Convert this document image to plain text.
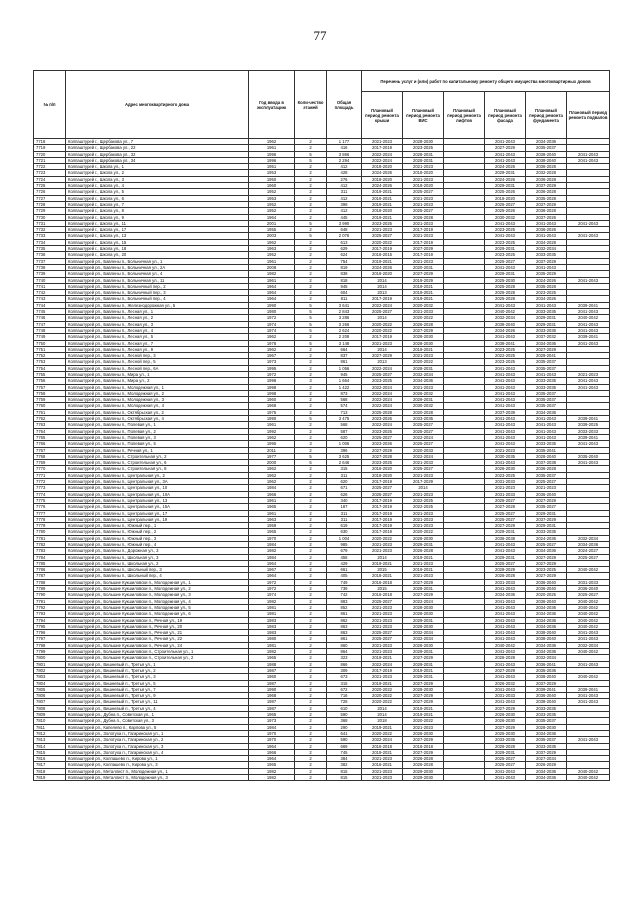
77
№ п/п	Адрес многоквартирного дома	Год ввода в эксплуатацию	Коли-чество этажей	Общая площадь	Перечень услуг и (или) работ по капитальному ремонту общего имущества многоквартирных домов					
					Плановый период ремонта крыши	Плановый период ремонта ВИС	Плановый период ремонта лифтов	Плановый период ремонта фасада	Плановый период ремонта фундамента	Плановый период ремонта подвалов
7718	Колпаштурей г., Щербакова ул., 7	1962	2	1 177	2021-2023	2028-2030		2041-2043	2034-2036	
7719	Колпаштурей г., Щербакова ул., 22	1961	2	416	2017-2019	2023-2025		2027-2029	2035-2037	
7720	Колпаштурей г., Щербакова ул., 32	1996	5	3 866	2022-2024	2028-2031		2041-2043	2038-2040	2041-2043
7721	Колпаштурей г., Щербакова ул., 34	1996	5	2 294	2022-2024	2028-2031		2041-2043	2038-2040	2041-2043
7722	Колпаштурей г., Школа ул., 1	1951	2	412	2018-2020	2021-2023		2024-2026	2036-2028	
7723	Колпаштурей г., Школа ул., 2	1953	2	428	2024-2026	2018-2020		2029-2031	2032-2028	
7724	Колпаштурей г., Школа ул., 3	1950	2	276	2018-2020	2021-2023		2024-2026	2036-2028	
7725	Колпаштурей г., Школа ул., 4	1960	2	412	2024-2026	2018-2020		2029-2031	2037-2029	
7726	Колпаштурей г., Школа ул., 5	1952	2	311	2019-2021	2025-2027		2025-2026	2036-2028	
7727	Колпаштурей г., Школа ул., 6	1953	2	412	2019-2021	2021-2023		2018-2020	2035-2028	
7728	Колпаштурей г., Школа ул., 7	1952	2	398	2019-2021	2021-2023		2025-2027	2037-2029	
7729	Колпаштурей г., Школа ул., 8	1952	2	412	2018-2020	2025-2027		2025-2026	2036-2028	
7730	Колпаштурей г., Школа ул., 9	1964	2	445	2019-2021	2026-2028		2030-2032	2037-2026	
7731	Колпаштурей г., Школа ул., 11	2001	5	3 990	2023-2025	2021-2023		2041-2043	2041-2043	2041-2043
7732	Колпаштурей г., Школа ул., 17	1955	2	648	2021-2023	2017-2019		2023-2025	2036-2026	
7733	Колпаштурей г., Школа ул., 13	2003	5	2 076	2025-2027	2021-2023		2041-2043	2041-2043	2041-2043
7734	Колпаштурей г., Школа ул., 15	1962	2	613	2020-2022	2017-2019		2023-2025	2034-2028	
7735	Колпаштурей г., Школа ул., 18	1963	2	629	2017-2019	2027-2029		2029-2031	2032-2034	
7736	Колпаштурей г., Школа ул., 20	1952	2	624	2018-2015	2017-2019		2023-2025	2033-2035	
7737	Колпаштурей рп., Бавлены п., Больничная ул., 1	1961	2	754	2019-2021	2021-2023		2025-2027	2037-2029	
7738	Колпаштурей рп., Бавлены п., Больничная ул., 2А	2008	2	819	2024-2026	2020-2031		2041-2043	2041-2043	
7739	Колпаштурей рп., Бавлены п., Больничная ул., 4	1982	2	838	2018-2020	2027-2029		2029-2031	2035-2029	
7740	Колпаштурей рп., Бавлены п., Больничная ул., 11	1961	2	818	2014	2019-2029		2025-2030	2024-2026	2041-2043
7741	Колпаштурей рп., Бавлены п., Больничный пер., 2	1964	2	945	2014	2019-2021		2025-2028	2035-2028	
7742	Колпаштурей рп., Бавлены п., Больничный пер., 3	1964	2	604	2013	2019-2021		2025-2028	2023-2025	
7743	Колпаштурей рп., Бавлены п., Больничный пер., 4	1964	2	811	2017-2019	2019-2021		2025-2028	2034-2026	
7744	Колпаштурей рп., Бавлены п., Железнодорожная ул., 5	1990	5	3 641	2022-2024	2020-2032		2041-2043	2041-2043	2039-2041
7745	Колпаштурей рп., Бавлены п., Лесная ул., 1	1980	5	2 843	2025-2027	2021-2033		2040-2042	2033-2035	2041-2043
7746	Колпаштурей рп., Бавлены п., Лесная ул., 2	1972	5	3 286	2014	2020-2022		2032-2034	2029-2031	2040-2042
7747	Колпаштурей рп., Бавлены п., Лесная ул., 3	1974	5	3 266	2020-2022	2026-2028		2038-2040	2029-2031	2041-2043
7748	Колпаштурей рп., Бавлены п., Лесная ул., 4	1974	5	2 624	2020-2022	2027-2029		2034-2026	2033-2035	2041-2043
7749	Колпаштурей рп., Бавлены п., Лесная ул., 5	1962	2	2 208	2017-2019	2028-2030		2041-2043	2037-2032	2039-2041
7750	Колпаштурей рп., Бавлены п., Лесная ул., 7	1978	5	3 148	2021-2023	2028-2030		2038-2041	2034-2036	2041-2043
7751	Колпаштурей рп., Бавлены п., Лесная ул., 9	1962	2	664	2014	2019-2021		2023-2025	2027-2029	
7752	Колпаштурей рп., Бавлены п., Лесной пер., 3	1967	2	837	2027-2029	2021-2023		2022-2025	2029-2041	
7753	Колпаштурей рп., Бавлены п., Лесной пер., 5	1973	2	861	2013	2020-2022		2023-2025	2035-2037	
7754	Колпаштурей рп., Бавлены п., Лесной пер., 6А	1995	2	1 056	2022-2024	2028-2031		2041-2043	2035-2037	
7755	Колпаштурей рп., Бавлены п., Мира ул., 1	1972	2	945	2025-2027	2032-2034		2041-2043	2041-2043	2021-2023
7756	Колпаштурей рп., Бавлены п., Мира ул., 2	1998	3	1 664	2023-2025	2034-2036		2041-2043	2033-2035	2041-2043
7757	Колпаштурей рп., Бавлены п., Молодежная ул., 1	1998	2	1 422	2022-2024	2021-2023		2041-2043	2033-2035	2041-2043
7758	Колпаштурей рп., Бавлены п., Молодежная ул., 2	1998	2	873	2022-2024	2026-2032		2041-2043	2035-2037	
7759	Колпаштурей рп., Бавлены п., Молодежная ул., 3	1960	2	568	2022-2024	2029-2031		2041-2043	2035-2037	
7760	Колпаштурей рп., Бавлены п., Молодежная ул., 4	1968	2	574	2022-2024	2030-2032		2041-2043	2035-2037	
7761	Колпаштурей рп., Бавлены п., Октябрьская ул., 2	1975	2	713	2025-2028	2020-2028		2037-2039	2034-2036	
7762	Колпаштурей рп., Бавлены п., Октябрьская ул., 4	1990	5	3 475	2023-2026	2033-2035		2041-2043	2041-2043	2039-2041
7763	Колпаштурей рп., Бавлены п., Полевая ул., 1	1961	2	568	2022-2024	2025-2027		2041-2043	2041-2043	2039-2025
7764	Колпаштурей рп., Бавлены п., Полевая ул., 2	1992	2	587	2023-2025	2025-2027		2041-2043	2041-2043	2033-2033
7765	Колпаштурей рп., Бавлены п., Полевая ул., 3	1962	2	620	2025-2027	2022-2024		2041-2043	2041-2043	2039-2041
7766	Колпаштурей рп., Бавлены п., Полевая ул., 5	1995	3	1 006	2023-2026	2025-2027		2041-2043	2033-2035	2041-2043
7767	Колпаштурей рп., Бавлены п., Речная ул., 1	2011	2	396	2027-2029	2020-2033		2021-2023	2035-2041	
7768	Колпаштурей рп., Бавлены п., Строительная ул., 2	1977	5	3 625	2027-2028	2022-2024		2030-2035	2028-2040	2035-2040
7769	Колпаштурей рп., Бавлены п., Строительная ул., 6	2000	5	2 646	2023-2025	2021-2033		2041-2043	2037-2038	2041-2043
7770	Колпаштурей рп., Бавлены п., Строительная ул., 8	1962	2	315	2018-2020	2025-2027		2026-2030	2036-2028	
7771	Колпаштурей рп., Бавлены п., Центральная ул., 2	1962	2	311	2018-2020	2021-2023		2023-2025	2035-2037	
7772	Колпаштурей рп., Бавлены п., Центральная ул., 3А	1962	2	620	2017-2019	2017-2029		2031-2033	2025-2027	
7773	Колпаштурей рп., Бавлены п., Центральная ул., 10	1984	2	671	2025-2027	2014		2021-2023	2021-2023	
7774	Колпаштурей рп., Бавлены п., Центральная ул., 10А	1966	2	626	2025-2027	2021-2023		2031-2033	2036-2040	
7775	Колпаштурей рп., Бавлены п., Центральная ул., 13	1961	2	340	2017-2019	2022-2025		2025-2027	2027-2029	
7776	Колпаштурей рп., Бавлены п., Центральная ул., 15А	1965	2	187	2017-2019	2022-2025		2027-2028	2035-2027	
7777	Колпаштурей рп., Бавлены п., Центральная ул., 17	1961	2	311	2017-2019	2021-2023		2025-2027	2029-2031	
7778	Колпаштурей рп., Бавлены п., Центральная ул., 19	1963	2	311	2017-2019	2021-2023		2025-2027	2037-2029	
7779	Колпаштурей рп., Бавлены п., Южный пер., 1	1959	2	619	2017-2019	2021-2023		2027-2029	2029-2031	
7780	Колпаштурей рп., Бавлены п., Южный пер., 2	1965	2	630	2017-2019	2020-2022		2029-2031	2033-2035	
7781	Колпаштурей рп., Бавлены п., Южный пер., 3	1970	2	1 004	2020-2022	2028-2030		2036-2038	2024-2036	2032-2034
7782	Колпаштурей рп., Бавлены п., Южный пер., 4	1984	2	985	2021-2023	2029-2031		2041-2043	2025-2027	2034-2036
7783	Колпаштурей рп., Бавлены п., Дорожная ул., 3	1982	2	679	2021-2023	2026-2028		2041-2043	2034-2036	2024-2027
7784	Колпаштурей рп., Бавлены п., Школьная ул., 3	1984	2	458	2014	2019-2021		2029-2031	2027-2029	2025-2027
7785	Колпаштурей рп., Бавлены п., Школьная ул., 2	1964	2	429	2019-2021	2021-2023		2025-2027	2027-2029	
7786	Колпаштурей рп., Бавлены п., Школьный пер., 3	1967	2	661	2015	2019-2021		2028-2029	2023-2025	2040-2042
7787	Колпаштурей рп., Бавлены п., Школьный пер., 4	1964	2	405	2018-2021	2021-2023		2026-2028	2027-2029	
7788	Колпаштурей рп., Большие Кукшиловски п., Молодежная ул., 1	1972	2	749	2016-2018	2027-2029		2031-2033	2036-2040	2031-2033
7789	Колпаштурей рп., Большие Кукшиловски п., Молодежная ул., 2	1972	2	739	2015	2028-2031		2041-2043	2036-2040	2036-2040
7790	Колпаштурей рп., Большие Кукшиловски п., Молодежная ул., 3	1974	2	742	2016-2018	2027-2029		2034-2036	2020-2025	2025-2027
7791	Колпаштурей рп., Большие Кукшиловски п., Молодежная ул., 4	1982	2	883	2025-2027	2022-2024		2041-2043	2036-2040	2040-2042
7792	Колпаштурей рп., Большие Кукшиловски п., Молодежная ул., 5	1981	2	852	2021-2023	2028-2030		2041-2043	2034-2036	2040-2042
7793	Колпаштурей рп., Большие Кукшиловски п., Молодежная ул., 6	1981	2	861	2021-2023	2028-2030		2041-2043	2034-2036	2040-2042
7794	Колпаштурей рп., Большие Кукшиловски п., Речная ул., 19	1983	2	862	2021-2023	2029-2031		2041-2043	2034-2036	2040-2042
7795	Колпаштурей рп., Большие Кукшиловски п., Речная ул., 20	1983	2	863	2021-2023	2028-2030		2041-2043	2034-2036	2040-2042
7796	Колпаштурей рп., Большие Кукшиловски п., Речная ул., 21	1983	2	863	2025-2027	2032-2034		2041-2043	2038-2040	2041-2043
7797	Колпаштурей рп., Большие Кукшиловски п., Речная ул., 22	1980	2	861	2025-2027	2032-2034		2041-2043	2038-2040	2041-2043
7798	Колпаштурей рп., Большие Кукшиловски п., Речная ул., 24	1981	2	860	2021-2023	2026-2030		2040-2042	2034-2036	2032-2034
7799	Колпаштурей рп., Большие Кукшиловски п., Строительная ул., 1	1982	2	864	2021-2023	2029-2031		2041-2043	2034-2036	2040-2042
7800	Колпаштурей рп., Большие Кукшиловски п., Строительная ул., 2	1965	2	323	2019-2021	2027-2029		2026-2028	2032-2034	
7801	Колпаштурей рп., Вишневый п., Третья ул., 1	1988	2	866	2022-2024	2029-2031		2041-2043	2036-2041	2041-2043
7802	Колпаштурей рп., Вишневый п., Третья ул., 2	1987	2	309	2017-2019	2019-2021		2027-2029	2035-2036	
7803	Колпаштурей рп., Вишневый п., Третья ул., 3	1960	2	673	2021-2023	2029-2031		2041-2043	2038-2040	2040-2042
7804	Колпаштурей рп., Вишневый п., Третья ул., 5	1987	2	315	2019-2021	2027-2029		2026-2032	2037-2029	
7805	Колпаштурей рп., Вишневый п., Третья ул., 7	1990	2	672	2020-2022	2028-2030		2041-2043	2039-2041	2039-2041
7806	Колпаштурей рп., Вишневый п., Третья ул., 9	1968	2	716	2020-2022	2027-2029		2031-2033	2036-2040	2041-2043
7807	Колпаштурей рп., Вишневый п., Третья ул., 11	1987	2	728	2020-2022	2027-2029		2041-2043	2038-2040	2041-2043
7808	Колпаштурей рп., Вишневый п., Третья ул., 4	1987	2	610	2014	2019-2021		2027-2029	2033-2035	
7809	Колпаштурей рп., Дубна п., Советская ул., 1	1965	2	590	2014	2019-2021		2026-2030	2033-2035	
7810	Колпаштурей рп., Дубна п., Советская ул., 3	1973	2	368	2018	2020-2022		2026-2030	2035-2037	
7811	Колпаштурей рп., Капелево п., Карпова ул., 5	1984	2	290	2019-2021	2021-2023		2027-2029	2028-2030	
7812	Колпаштурей рп., Золотуха п., Гагаринская ул., 1	1970	2	641	2020-2022	2026-2030		2025-2030	2034-2036	
7813	Колпаштурей рп., Золотуха п., Гагаринская ул., 2	1970	2	590	2022-2024	2027-2029		2033-2035	2035-2037	2041-2043
7814	Колпаштурей рп., Золотуха п., Гагаринская ул., 3	1964	2	669	2016-2018	2016-2018		2026-2028	2033-2035	
7815	Колпаштурей рп., Золотуха п., Гагаринская ул., 4	1966	2	745	2019-2021	2027-2029		2029-2031	2037-2029	
7816	Колпаштурей рп., Колпашево п., Кирова ул., 1	1964	2	384	2021-2023	2026-2028		2025-2027	2027-2034	
7817	Колпаштурей рп., Колпашево п., Кирова ул., 3	1965	2	382	2016-2021	2026-2028		2025-2027	2026-2029	
7818	Колпаштурей рп., Металлист п., Молодежная ул., 1	1982	2	815	2021-2023	2029-2030		2041-2043	2034-2036	2040-2042
7819	Колпаштурей рп., Металлист п., Молодежная ул., 3	1982	2	815	2021-2023	2029-2030		2041-2043	2034-2036	2040-2042
